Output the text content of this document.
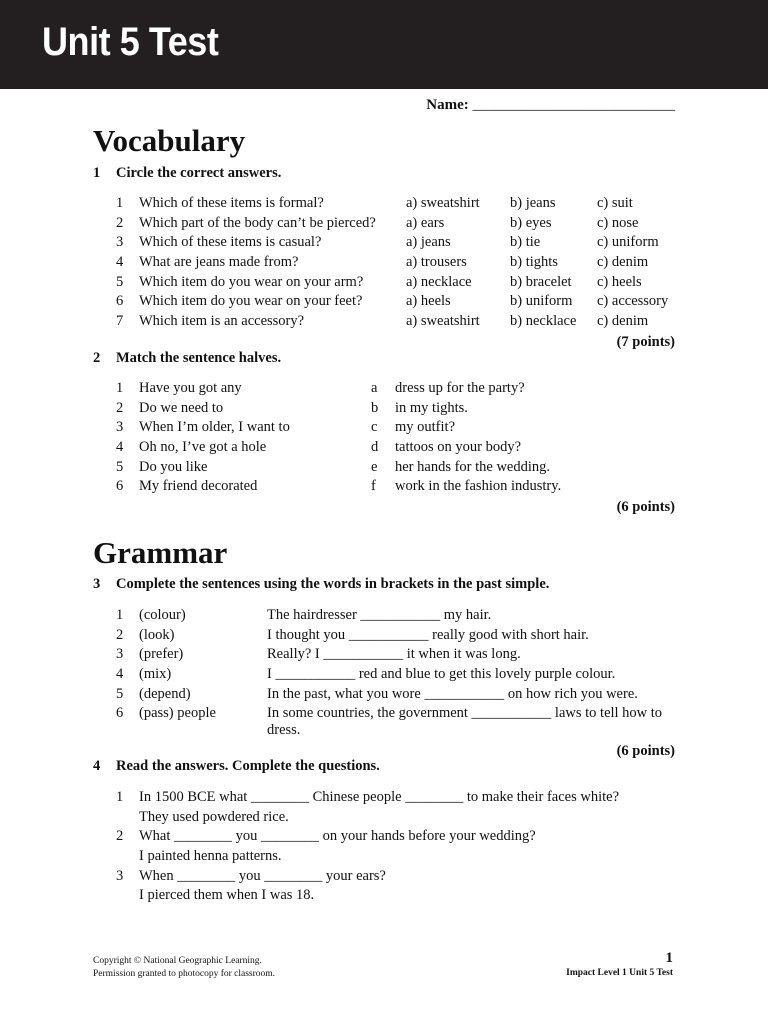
Unit 5 Test
Name: ___________________________
Vocabulary
1 Circle the correct answers.
1 Which of these items is formal?	a) sweatshirt b) jeans	c) suit
2 Which part of the body can’t be pierced? a) ears	b) eyes	c) nose
3 Which of these items is casual?	a) jeans	b) tie	c) uniform
4 What are jeans made from?	a) trousers	b) tights	c) denim
5 Which item do you wear on your arm?	a) necklace	b) bracelet c) heels
6 Which item do you wear on your feet?	a) heels	b) uniform c) accessory
7 Which item is an accessory?	a) sweatshirt b) necklace c) denim
(7 points)
2 Match the sentence halves.
1 Have you got any	a dress up for the party?
2 Do we need to	b in my tights.
3 When I’m older, I want to	c my outfit?
4 Oh no, I’ve got a hole	d tattoos on your body?
5 Do you like	e her hands for the wedding.
6 My friend decorated	f work in the fashion industry.
(6 points)
Grammar
3 Complete the sentences using the words in brackets in the past simple.
1 (colour)	The hairdresser ___________ my hair.
2 (look)	I thought you ___________ really good with short hair.
3 (prefer)	Really? I ___________ it when it was long.
4 (mix)	I ___________ red and blue to get this lovely purple colour.
5 (depend)	In the past, what you wore ___________ on how rich you were.
6 (pass) people	In some countries, the government ___________ laws to tell how to dress.
(6 points)
4 Read the answers. Complete the questions.
1 In 1500 BCE what ________ Chinese people ________ to make their faces white?
They used powdered rice.
2 What ________ you ________ on your hands before your wedding?
I painted henna patterns.
3 When ________ you ________ your ears?
I pierced them when I was 18.
Copyright © National Geographic Learning.
Permission granted to photocopy for classroom.
1
Impact Level 1 Unit 5 Test
